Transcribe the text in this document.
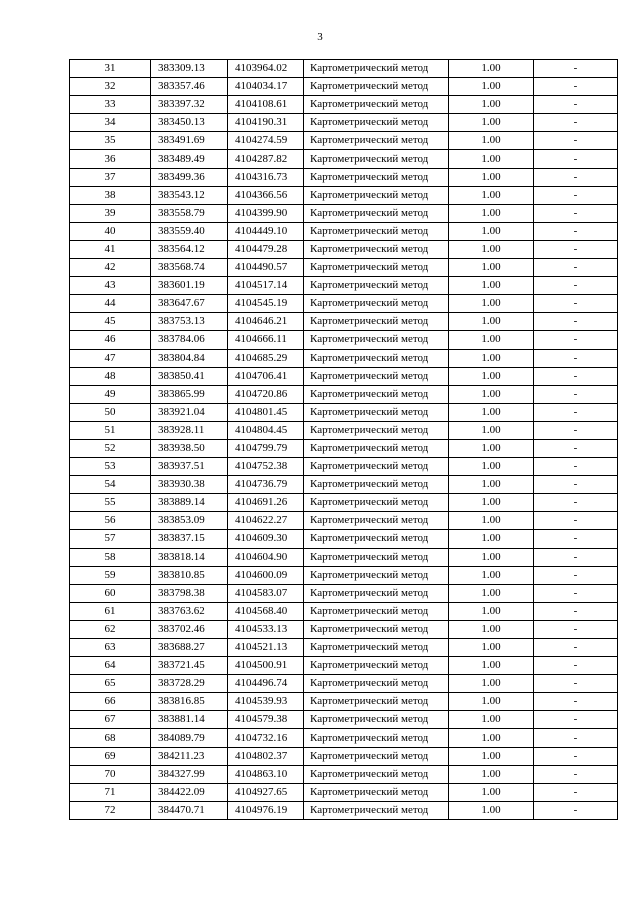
3
31	383309.13	4103964.02	Картометрический метод	1.00	-
32	383357.46	4104034.17	Картометрический метод	1.00	-
33	383397.32	4104108.61	Картометрический метод	1.00	-
34	383450.13	4104190.31	Картометрический метод	1.00	-
35	383491.69	4104274.59	Картометрический метод	1.00	-
36	383489.49	4104287.82	Картометрический метод	1.00	-
37	383499.36	4104316.73	Картометрический метод	1.00	-
38	383543.12	4104366.56	Картометрический метод	1.00	-
39	383558.79	4104399.90	Картометрический метод	1.00	-
40	383559.40	4104449.10	Картометрический метод	1.00	-
41	383564.12	4104479.28	Картометрический метод	1.00	-
42	383568.74	4104490.57	Картометрический метод	1.00	-
43	383601.19	4104517.14	Картометрический метод	1.00	-
44	383647.67	4104545.19	Картометрический метод	1.00	-
45	383753.13	4104646.21	Картометрический метод	1.00	-
46	383784.06	4104666.11	Картометрический метод	1.00	-
47	383804.84	4104685.29	Картометрический метод	1.00	-
48	383850.41	4104706.41	Картометрический метод	1.00	-
49	383865.99	4104720.86	Картометрический метод	1.00	-
50	383921.04	4104801.45	Картометрический метод	1.00	-
51	383928.11	4104804.45	Картометрический метод	1.00	-
52	383938.50	4104799.79	Картометрический метод	1.00	-
53	383937.51	4104752.38	Картометрический метод	1.00	-
54	383930.38	4104736.79	Картометрический метод	1.00	-
55	383889.14	4104691.26	Картометрический метод	1.00	-
56	383853.09	4104622.27	Картометрический метод	1.00	-
57	383837.15	4104609.30	Картометрический метод	1.00	-
58	383818.14	4104604.90	Картометрический метод	1.00	-
59	383810.85	4104600.09	Картометрический метод	1.00	-
60	383798.38	4104583.07	Картометрический метод	1.00	-
61	383763.62	4104568.40	Картометрический метод	1.00	-
62	383702.46	4104533.13	Картометрический метод	1.00	-
63	383688.27	4104521.13	Картометрический метод	1.00	-
64	383721.45	4104500.91	Картометрический метод	1.00	-
65	383728.29	4104496.74	Картометрический метод	1.00	-
66	383816.85	4104539.93	Картометрический метод	1.00	-
67	383881.14	4104579.38	Картометрический метод	1.00	-
68	384089.79	4104732.16	Картометрический метод	1.00	-
69	384211.23	4104802.37	Картометрический метод	1.00	-
70	384327.99	4104863.10	Картометрический метод	1.00	-
71	384422.09	4104927.65	Картометрический метод	1.00	-
72	384470.71	4104976.19	Картометрический метод	1.00	-
